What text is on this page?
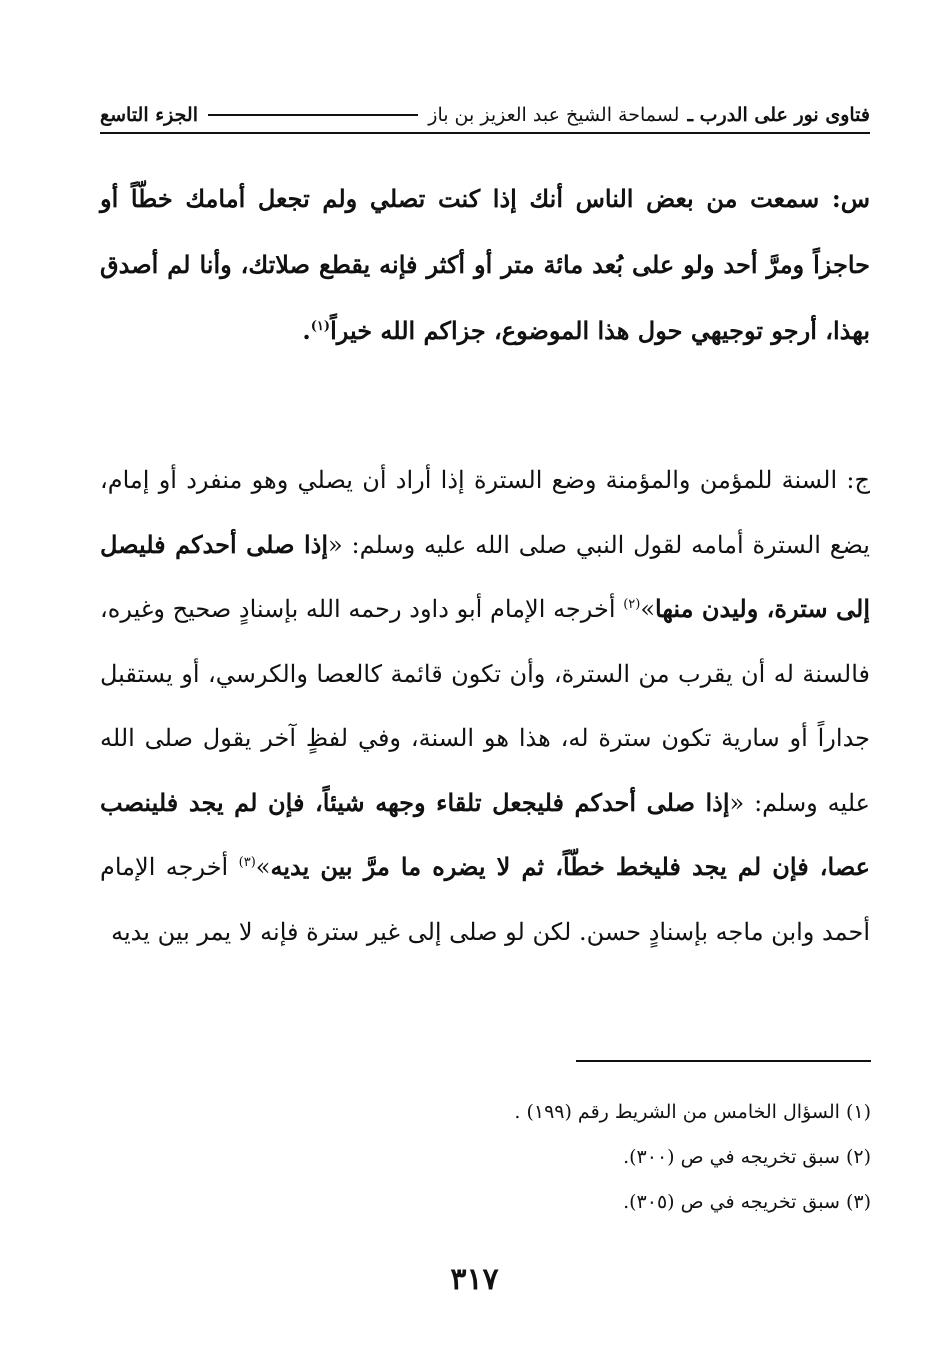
فتاوى نور على الدرب ـ
لسماحة الشيخ عبد العزيز بن باز
الجزء التاسع

س: سمعت من بعض الناس أنك إذا كنت تصلي ولم تجعل أمامك خطّاً أو حاجزاً ومرَّ أحد ولو على بُعد مائة متر أو أكثر فإنه يقطع صلاتك، وأنا لم أصدق بهذا، أرجو توجيهي حول هذا الموضوع، جزاكم الله خيراً$^{(١)}$.

ج: السنة للمؤمن والمؤمنة وضع السترة إذا أراد أن يصلي وهو منفرد أو إمام، يضع السترة أمامه لقول النبي صلى الله عليه وسلم: «إذا صلى أحدكم فليصل إلى سترة، وليدن منها»$^{(٢)}$ أخرجه الإمام أبو داود رحمه الله بإسنادٍ صحيح وغيره، فالسنة له أن يقرب من السترة، وأن تكون قائمة كالعصا والكرسي، أو يستقبل جداراً أو سارية تكون سترة له، هذا هو السنة، وفي لفظٍ آخر يقول صلى الله عليه وسلم: «إذا صلى أحدكم فليجعل تلقاء وجهه شيئاً، فإن لم يجد فلينصب عصا، فإن لم يجد فليخط خطّاً، ثم لا يضره ما مرَّ بين يديه»$^{(٣)}$ أخرجه الإمام أحمد وابن ماجه بإسنادٍ حسن. لكن لو صلى إلى غير سترة فإنه لا يمر بين يديه

(١) السؤال الخامس من الشريط رقم (١٩٩) .
(٢) سبق تخريجه في ص (٣٠٠).
(٣) سبق تخريجه في ص (٣٠٥).
٣١٧
